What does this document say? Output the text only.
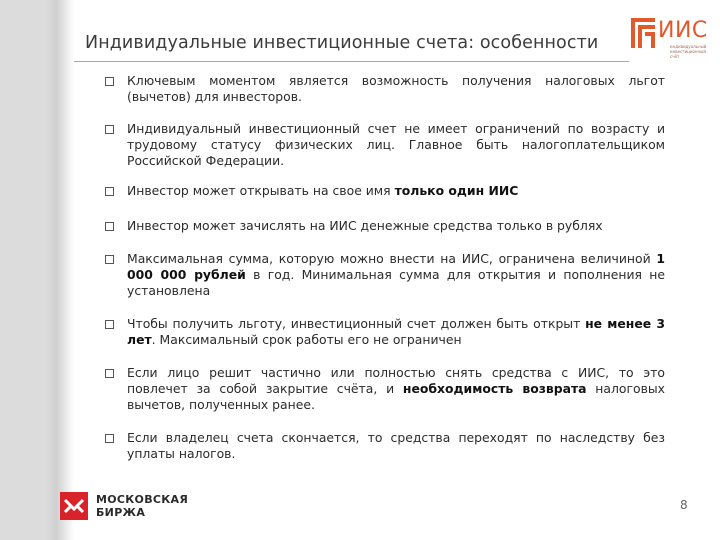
Индивидуальные инвестиционные счета: особенности	ИИС
индивидуальный инвестиционный счёт
Ключевым моментом является возможность получения налоговых льгот (вычетов) для инвесторов.
Индивидуальный инвестиционный счет не имеет ограничений по возрасту и трудовому статусу физических лиц. Главное быть налогоплательщиком Российской Федерации.
Инвестор может открывать на свое имя только один ИИС
Инвестор может зачислять на ИИС денежные средства только в рублях
Максимальная сумма, которую можно внести на ИИС, ограничена величиной 1 000 000 рублей в год. Минимальная сумма для открытия и пополнения не установлена
Чтобы получить льготу, инвестиционный счет должен быть открыт не менее 3 лет. Максимальный срок работы его не ограничен
Если лицо решит частично или полностью снять средства с ИИС, то это повлечет за собой закрытие счёта, и необходимость возврата налоговых вычетов, полученных ранее.
Если владелец счета скончается, то средства переходят по наследству без уплаты налогов.
МОСКОВСКАЯ
БИРЖА
8
